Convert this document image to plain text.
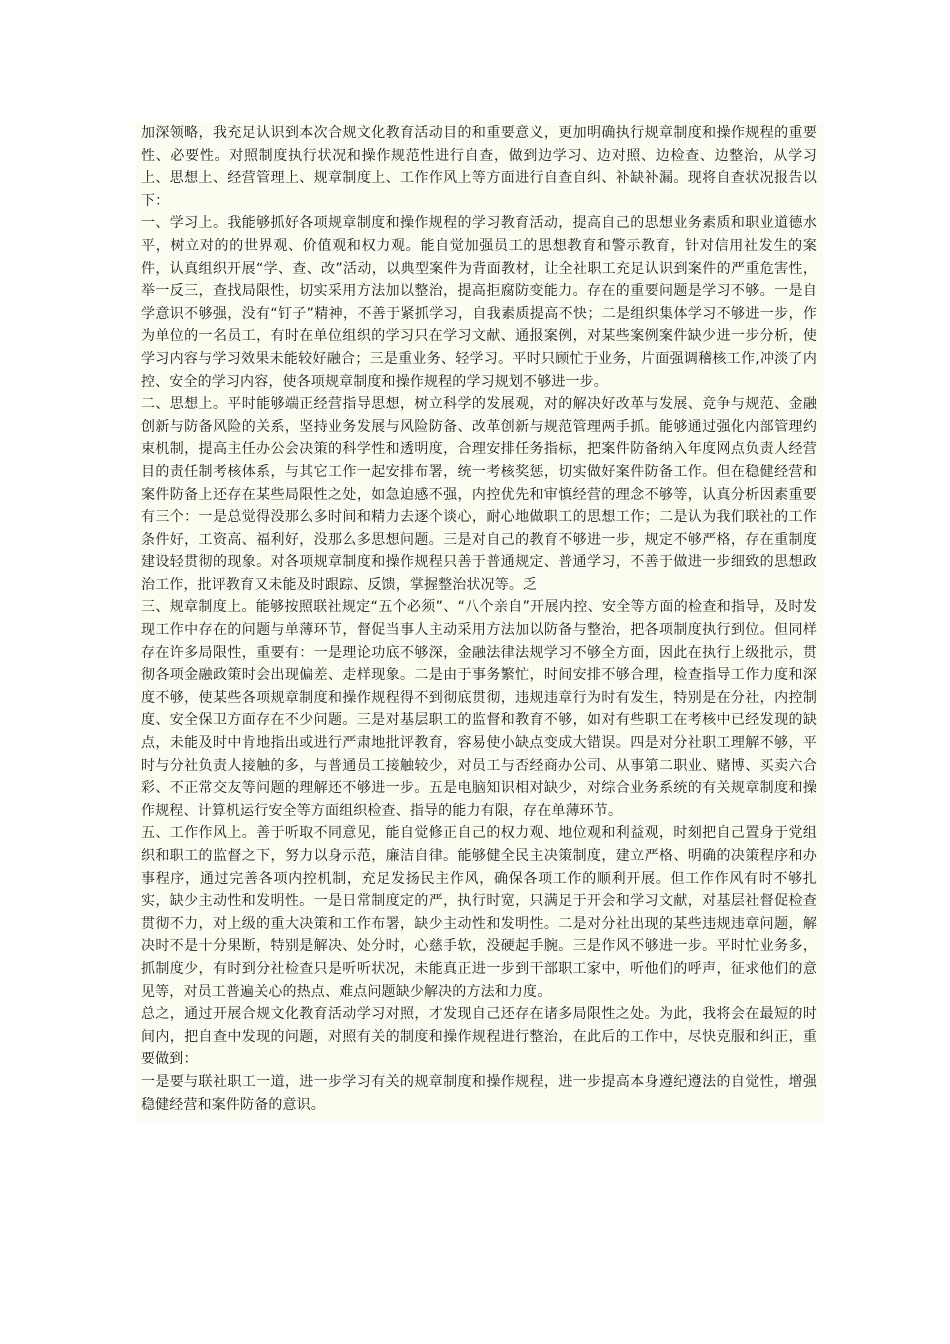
加深领略，我充足认识到本次合规文化教育活动目的和重要意义，更加明确执行规章制度和操作规程的重要性、必要性。对照制度执行状况和操作规范性进行自查，做到边学习、边对照、边检查、边整治，从学习上、思想上、经营管理上、规章制度上、工作作风上等方面进行自查自纠、补缺补漏。现将自查状况报告以下：

一、学习上。我能够抓好各项规章制度和操作规程的学习教育活动，提高自己的思想业务素质和职业道德水平，树立对的的世界观、价值观和权力观。能自觉加强员工的思想教育和警示教育，针对信用社发生的案件，认真组织开展“学、查、改”活动，以典型案件为背面教材，让全社职工充足认识到案件的严重危害性，举一反三，查找局限性，切实采用方法加以整治，提高拒腐防变能力。存在的重要问题是学习不够。一是自学意识不够强，没有“钉子”精神，不善于紧抓学习，自我素质提高不快；二是组织集体学习不够进一步，作为单位的一名员工，有时在单位组织的学习只在学习文献、通报案例，对某些案例案件缺少进一步分析，使学习内容与学习效果未能较好融合；三是重业务、轻学习。平时只顾忙于业务，片面强调稽核工作,冲淡了内控、安全的学习内容，使各项规章制度和操作规程的学习规划不够进一步。

二、思想上。平时能够端正经营指导思想，树立科学的发展观，对的解决好改革与发展、竞争与规范、金融创新与防备风险的关系，坚持业务发展与风险防备、改革创新与规范管理两手抓。能够通过强化内部管理约束机制，提高主任办公会决策的科学性和透明度，合理安排任务指标，把案件防备纳入年度网点负责人经营目的责任制考核体系，与其它工作一起安排布署，统一考核奖惩，切实做好案件防备工作。但在稳健经营和案件防备上还存在某些局限性之处，如急迫感不强，内控优先和审慎经营的理念不够等，认真分析因素重要有三个：一是总觉得没那么多时间和精力去逐个谈心，耐心地做职工的思想工作；二是认为我们联社的工作条件好，工资高、福利好，没那么多思想问题。三是对自己的教育不够进一步，规定不够严格，存在重制度建设轻贯彻的现象。对各项规章制度和操作规程只善于普通规定、普通学习，不善于做进一步细致的思想政治工作，批评教育又未能及时跟踪、反馈，掌握整治状况等。乏

三、规章制度上。能够按照联社规定“五个必须”、“八个亲自”开展内控、安全等方面的检查和指导，及时发现工作中存在的问题与单薄环节，督促当事人主动采用方法加以防备与整治，把各项制度执行到位。但同样存在许多局限性，重要有：一是理论功底不够深，金融法律法规学习不够全方面，因此在执行上级批示，贯彻各项金融政策时会出现偏差、走样现象。二是由于事务繁忙，时间安排不够合理，检查指导工作力度和深度不够，使某些各项规章制度和操作规程得不到彻底贯彻，违规违章行为时有发生，特别是在分社，内控制度、安全保卫方面存在不少问题。三是对基层职工的监督和教育不够，如对有些职工在考核中已经发现的缺点，未能及时中肯地指出或进行严肃地批评教育，容易使小缺点变成大错误。四是对分社职工理解不够，平时与分社负责人接触的多，与普通员工接触较少，对员工与否经商办公司、从事第二职业、赌博、买卖六合彩、不正常交友等问题的理解还不够进一步。五是电脑知识相对缺少，对综合业务系统的有关规章制度和操作规程、计算机运行安全等方面组织检查、指导的能力有限，存在单薄环节。

五、工作作风上。善于听取不同意见，能自觉修正自己的权力观、地位观和利益观，时刻把自己置身于党组织和职工的监督之下，努力以身示范，廉洁自律。能够健全民主决策制度，建立严格、明确的决策程序和办事程序，通过完善各项内控机制，充足发扬民主作风，确保各项工作的顺利开展。但工作作风有时不够扎实，缺少主动性和发明性。一是日常制度定的严，执行时宽，只满足于开会和学习文献，对基层社督促检查贯彻不力，对上级的重大决策和工作布署，缺少主动性和发明性。二是对分社出现的某些违规违章问题，解决时不是十分果断，特别是解决、处分时，心慈手软，没硬起手腕。三是作风不够进一步。平时忙业务多，抓制度少，有时到分社检查只是听听状况，未能真正进一步到干部职工家中，听他们的呼声，征求他们的意见等，对员工普遍关心的热点、难点问题缺少解决的方法和力度。

总之，通过开展合规文化教育活动学习对照，才发现自己还存在诸多局限性之处。为此，我将会在最短的时间内，把自查中发现的问题，对照有关的制度和操作规程进行整治，在此后的工作中，尽快克服和纠正，重要做到：

一是要与联社职工一道，进一步学习有关的规章制度和操作规程，进一步提高本身遵纪遵法的自觉性，增强稳健经营和案件防备的意识。
